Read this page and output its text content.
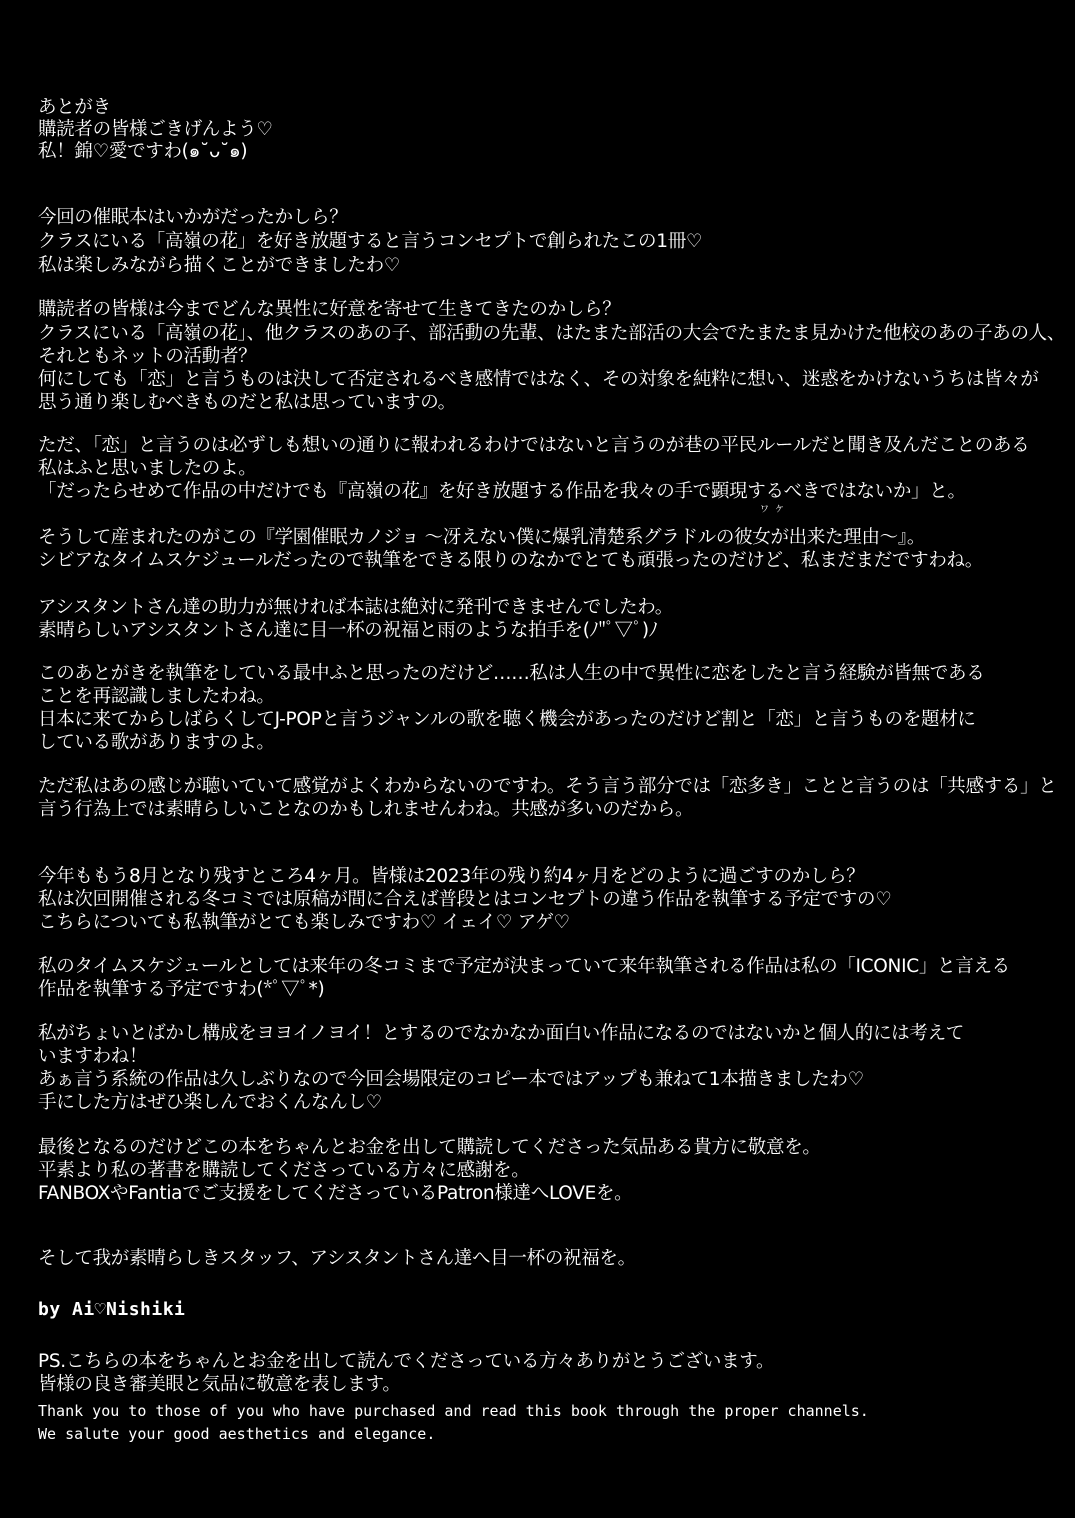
あとがき
購読者の皆様ごきげんよう♡
私！錦♡愛ですわ(๑˘ᴗ˘๑)
今回の催眠本はいかがだったかしら？
クラスにいる「高嶺の花」を好き放題すると言うコンセプトで創られたこの1冊♡
私は楽しみながら描くことができましたわ♡
購読者の皆様は今までどんな異性に好意を寄せて生きてきたのかしら？
クラスにいる「高嶺の花」、他クラスのあの子、部活動の先輩、はたまた部活の大会でたまたま見かけた他校のあの子あの人、
それともネットの活動者？
何にしても「恋」と言うものは決して否定されるべき感情ではなく、その対象を純粋に想い、迷惑をかけないうちは皆々が
思う通り楽しむべきものだと私は思っていますの。
ただ、「恋」と言うのは必ずしも想いの通りに報われるわけではないと言うのが巷の平民ルールだと聞き及んだことのある
私はふと思いましたのよ。
「だったらせめて作品の中だけでも『高嶺の花』を好き放題する作品を我々の手で顕現するべきではないか」と。
ワケ
そうして産まれたのがこの『学園催眠カノジョ 〜冴えない僕に爆乳清楚系グラドルの彼女が出来た理由〜』。
シビアなタイムスケジュールだったので執筆をできる限りのなかでとても頑張ったのだけど、私まだまだですわね。
アシスタントさん達の助力が無ければ本誌は絶対に発刊できませんでしたわ。
素晴らしいアシスタントさん達に目一杯の祝福と雨のような拍手を(ﾉ"ﾟ▽ﾟ)ﾉ
このあとがきを執筆をしている最中ふと思ったのだけど……私は人生の中で異性に恋をしたと言う経験が皆無である
ことを再認識しましたわね。
日本に来てからしばらくしてJ-POPと言うジャンルの歌を聴く機会があったのだけど割と「恋」と言うものを題材に
している歌がありますのよ。
ただ私はあの感じが聴いていて感覚がよくわからないのですわ。そう言う部分では「恋多き」ことと言うのは「共感する」と
言う行為上では素晴らしいことなのかもしれませんわね。共感が多いのだから。
今年ももう8月となり残すところ4ヶ月。皆様は2023年の残り約4ヶ月をどのように過ごすのかしら？
私は次回開催される冬コミでは原稿が間に合えば普段とはコンセプトの違う作品を執筆する予定ですの♡
こちらについても私執筆がとても楽しみですわ♡ イェイ♡ アゲ♡
私のタイムスケジュールとしては来年の冬コミまで予定が決まっていて来年執筆される作品は私の「ICONIC」と言える
作品を執筆する予定ですわ(*ﾟ▽ﾟ*)
私がちょいとばかし構成をヨヨイノヨイ！とするのでなかなか面白い作品になるのではないかと個人的には考えて
いますわね！
あぁ言う系統の作品は久しぶりなので今回会場限定のコピー本ではアップも兼ねて1本描きましたわ♡
手にした方はぜひ楽しんでおくんなんし♡
最後となるのだけどこの本をちゃんとお金を出して購読してくださった気品ある貴方に敬意を。
平素より私の著書を購読してくださっている方々に感謝を。
FANBOXやFantiaでご支援をしてくださっているPatron様達へLOVEを。
そして我が素晴らしきスタッフ、アシスタントさん達へ目一杯の祝福を。
by Ai♡Nishiki
PS.こちらの本をちゃんとお金を出して読んでくださっている方々ありがとうございます。
皆様の良き審美眼と気品に敬意を表します。
Thank you to those of you who have purchased and read this book through the proper channels.
We salute your good aesthetics and elegance.
